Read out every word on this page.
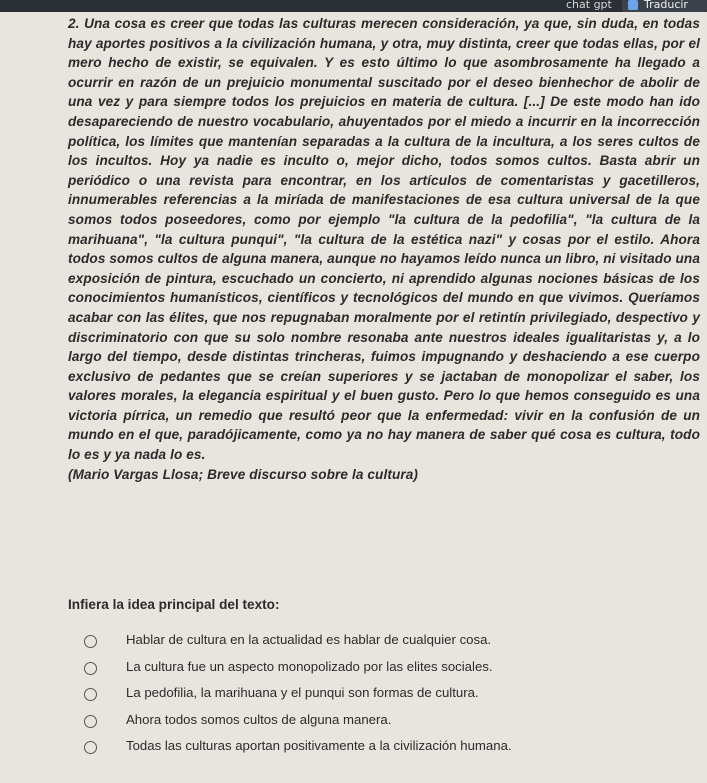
chat gpt	Traducir

2. Una cosa es creer que todas las culturas merecen consideración, ya que, sin duda, en todas hay aportes positivos a la civilización humana, y otra, muy distinta, creer que todas ellas, por el mero hecho de existir, se equivalen. Y es esto último lo que asombrosamente ha llegado a ocurrir en razón de un prejuicio monumental suscitado por el deseo bienhechor de abolir de una vez y para siempre todos los prejuicios en materia de cultura. [...] De este modo han ido desapareciendo de nuestro vocabulario, ahuyentados por el miedo a incurrir en la incorrección política, los límites que mantenían separadas a la cultura de la incultura, a los seres cultos de los incultos. Hoy ya nadie es inculto o, mejor dicho, todos somos cultos. Basta abrir un periódico o una revista para encontrar, en los artículos de comentaristas y gacetilleros, innumerables referencias a la miríada de manifestaciones de esa cultura universal de la que somos todos poseedores, como por ejemplo "la cultura de la pedofilia", "la cultura de la marihuana", "la cultura punqui", "la cultura de la estética nazi" y cosas por el estilo. Ahora todos somos cultos de alguna manera, aunque no hayamos leído nunca un libro, ni visitado una exposición de pintura, escuchado un concierto, ni aprendido algunas nociones básicas de los conocimientos humanísticos, científicos y tecnológicos del mundo en que vivimos. Queríamos acabar con las élites, que nos repugnaban moralmente por el retintín privilegiado, despectivo y discriminatorio con que su solo nombre resonaba ante nuestros ideales igualitaristas y, a lo largo del tiempo, desde distintas trincheras, fuimos impugnando y deshaciendo a ese cuerpo exclusivo de pedantes que se creían superiores y se jactaban de monopolizar el saber, los valores morales, la elegancia espiritual y el buen gusto. Pero lo que hemos conseguido es una victoria pírrica, un remedio que resultó peor que la enfermedad: vivir en la confusión de un mundo en el que, paradójicamente, como ya no hay manera de saber qué cosa es cultura, todo lo es y ya nada lo es.

(Mario Vargas Llosa; Breve discurso sobre la cultura)

Infiera la idea principal del texto:
Hablar de cultura en la actualidad es hablar de cualquier cosa.
La cultura fue un aspecto monopolizado por las elites sociales.
La pedofilia, la marihuana y el punqui son formas de cultura.
Ahora todos somos cultos de alguna manera.
Todas las culturas aportan positivamente a la civilización humana.
